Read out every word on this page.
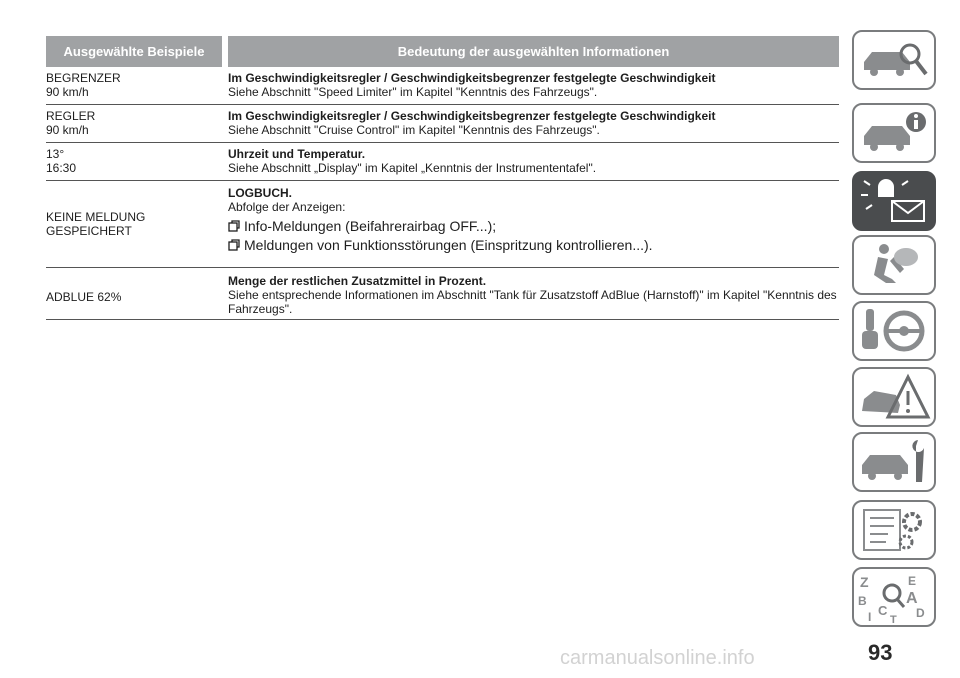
Ausgewählte Beispiele	Bedeutung der ausgewählten Informationen
BEGRENZER
90 km/h
Im Geschwindigkeitsregler / Geschwindigkeitsbegrenzer festgelegte Geschwindigkeit
Siehe Abschnitt "Speed Limiter" im Kapitel "Kenntnis des Fahrzeugs".
REGLER
90 km/h
Im Geschwindigkeitsregler / Geschwindigkeitsbegrenzer festgelegte Geschwindigkeit
Siehe Abschnitt "Cruise Control" im Kapitel "Kenntnis des Fahrzeugs".
13°
16:30
Uhrzeit und Temperatur.
Siehe Abschnitt „Display" im Kapitel „Kenntnis der Instrumententafel".
KEINE MELDUNG
GESPEICHERT
LOGBUCH.
Abfolge der Anzeigen:
Info-Meldungen (Beifahrerairbag OFF...);
Meldungen von Funktionsstörungen (Einspritzung kontrollieren...).
ADBLUE 62%
Menge der restlichen Zusatzmittel in Prozent.
Siehe entsprechende Informationen im Abschnitt "Tank für Zusatzstoff AdBlue (Harnstoff)" im Kapitel "Kenntnis des Fahrzeugs".
Z	E
A
B
C D
I T
93
carmanualsonline.info
